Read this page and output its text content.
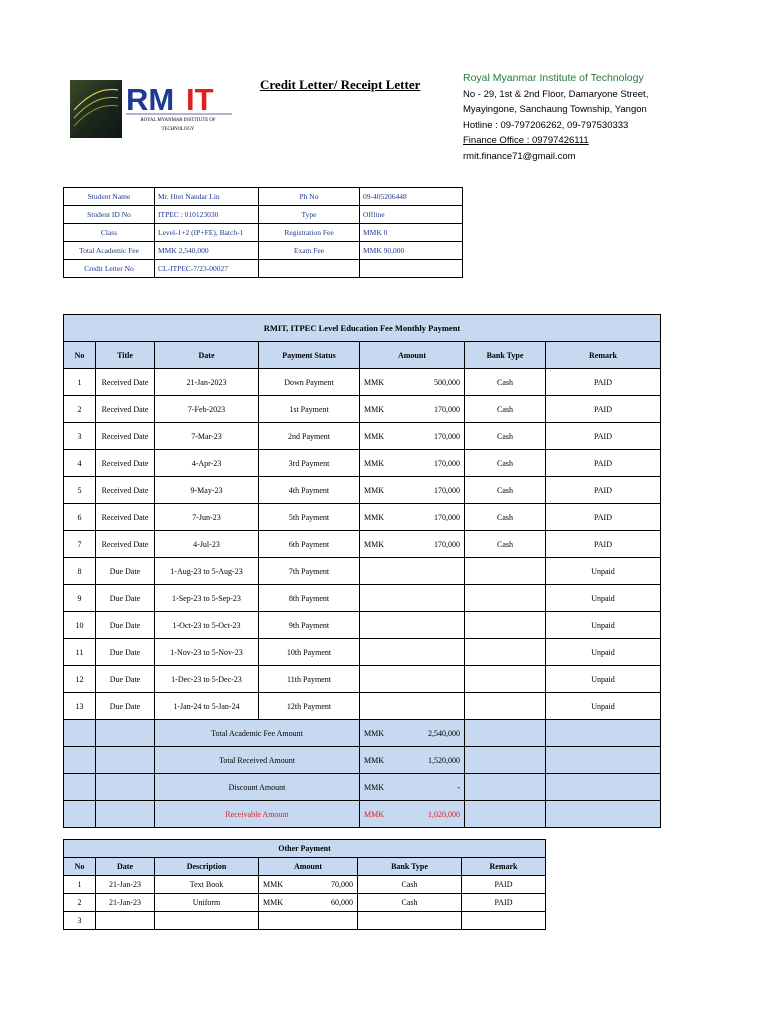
RM IT
ROYAL MYANMAR INSTITUTE OF
TECHNOLOGY
Credit Letter/ Receipt Letter	Royal Myanmar Institute of Technology
No - 29, 1st & 2nd Floor, Damaryone Street,
Myayingone, Sanchaung Township, Yangon
Hotline : 09-797206262, 09-797530333
Finance Office : 09797426111
rmit.finance71@gmail.com
Student Name	Mr. Htet Nandar Lin	Ph No	09-405206448
Student ID No	ITPEC : 010123030	Type	Offline
Class	Level-1+2 (IP+FE), Batch-1	Registration Fee	MMK 0
Total Academic Fee	MMK 2,540,000	Exam Fee	MMK 90,000
Credit Letter No	CL-ITPEC-7/23-00027		
RMIT, ITPEC Level Education Fee Monthly Payment						
No	Title	Date	Payment Status	Amount	Bank Type	Remark
1	Received Date	21-Jan-2023	Down Payment	MMK 500,000	Cash	PAID
2	Received Date	7-Feb-2023	1st Payment	MMK 170,000	Cash	PAID
3	Received Date	7-Mar-23	2nd Payment	MMK 170,000	Cash	PAID
4	Received Date	4-Apr-23	3rd Payment	MMK 170,000	Cash	PAID
5	Received Date	9-May-23	4th Payment	MMK 170,000	Cash	PAID
6	Received Date	7-Jun-23	5th Payment	MMK 170,000	Cash	PAID
7	Received Date	4-Jul-23	6th Payment	MMK 170,000	Cash	PAID
8	Due Date	1-Aug-23 to 5-Aug-23	7th Payment			Unpaid
9	Due Date	1-Sep-23 to 5-Sep-23	8th Payment			Unpaid
10	Due Date	1-Oct-23 to 5-Oct-23	9th Payment			Unpaid
11	Due Date	1-Nov-23 to 5-Nov-23	10th Payment			Unpaid
12	Due Date	1-Dec-23 to 5-Dec-23	11th Payment			Unpaid
13	Due Date	1-Jan-24 to 5-Jan-24	12th Payment			Unpaid
		Total Academic Fee Amount		MMK 2,540,000		

		Total Received Amount		MMK 1,520,000		

		Discount Amount		MMK -		

		Receivable Amount		MMK 1,020,000		

Other Payment					
No	Date	Description	Amount	Bank Type	Remark
1	21-Jan-23	Text Book	MMK 70,000	Cash	PAID
2	21-Jan-23	Uniform	MMK 60,000	Cash	PAID
3			
